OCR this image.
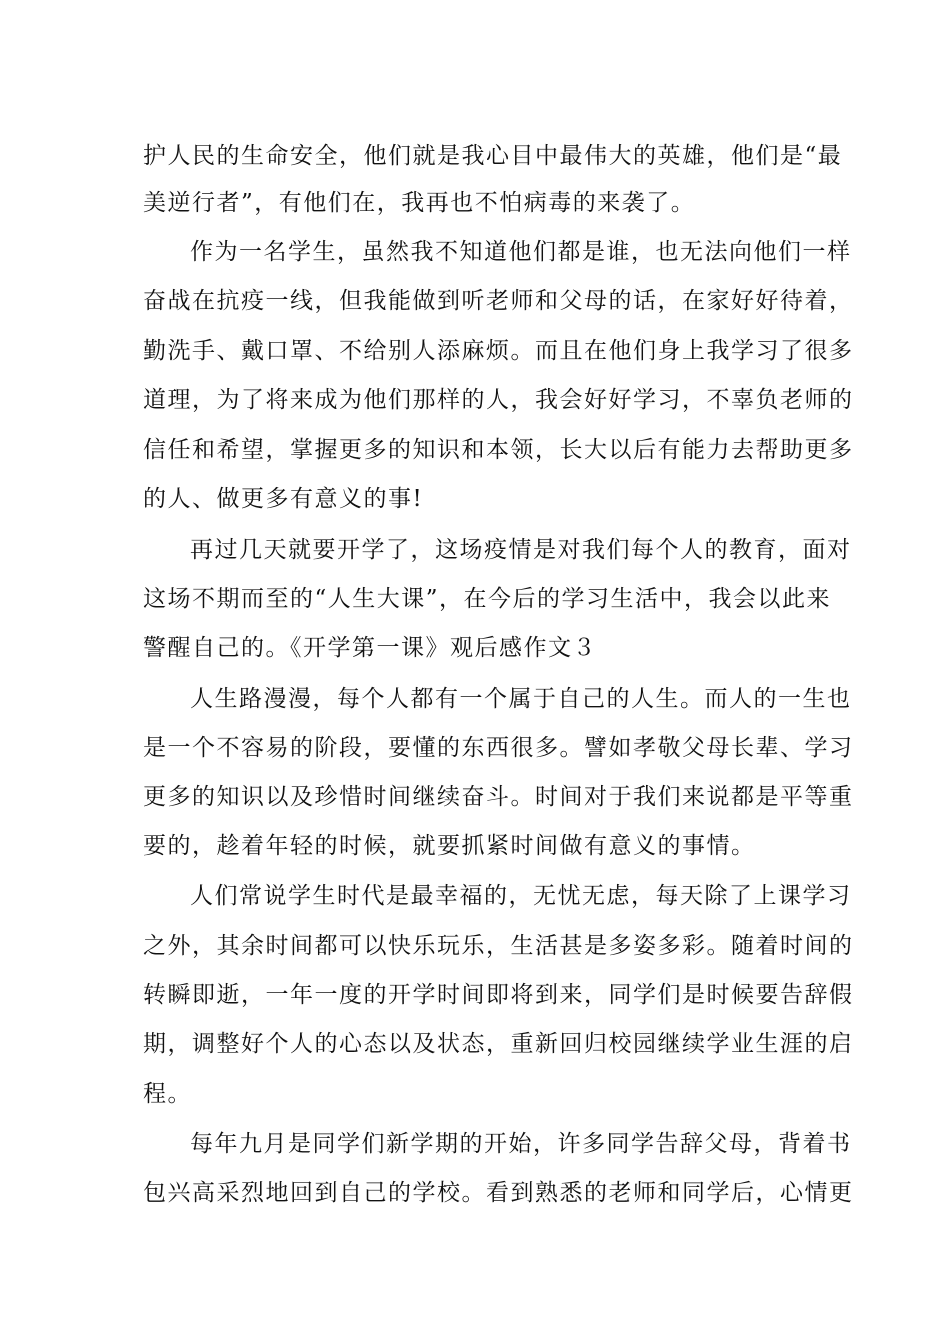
护人民的生命安全，他们就是我心目中最伟大的英雄，他们是“最
美逆行者”，有他们在，我再也不怕病毒的来袭了。
作为一名学生，虽然我不知道他们都是谁，也无法向他们一样
奋战在抗疫一线，但我能做到听老师和父母的话，在家好好待着，
勤洗手、戴口罩、不给别人添麻烦。而且在他们身上我学习了很多
道理，为了将来成为他们那样的人，我会好好学习，不辜负老师的
信任和希望，掌握更多的知识和本领，长大以后有能力去帮助更多
的人、做更多有意义的事!
再过几天就要开学了，这场疫情是对我们每个人的教育，面对
这场不期而至的“人生大课”，在今后的学习生活中，我会以此来
警醒自己的。《开学第一课》观后感作文３
人生路漫漫，每个人都有一个属于自己的人生。而人的一生也
是一个不容易的阶段，要懂的东西很多。譬如孝敬父母长辈、学习
更多的知识以及珍惜时间继续奋斗。时间对于我们来说都是平等重
要的，趁着年轻的时候，就要抓紧时间做有意义的事情。
人们常说学生时代是最幸福的，无忧无虑，每天除了上课学习
之外，其余时间都可以快乐玩乐，生活甚是多姿多彩。随着时间的
转瞬即逝，一年一度的开学时间即将到来，同学们是时候要告辞假
期，调整好个人的心态以及状态，重新回归校园继续学业生涯的启
程。
每年九月是同学们新学期的开始，许多同学告辞父母，背着书
包兴高采烈地回到自己的学校。看到熟悉的老师和同学后，心情更
